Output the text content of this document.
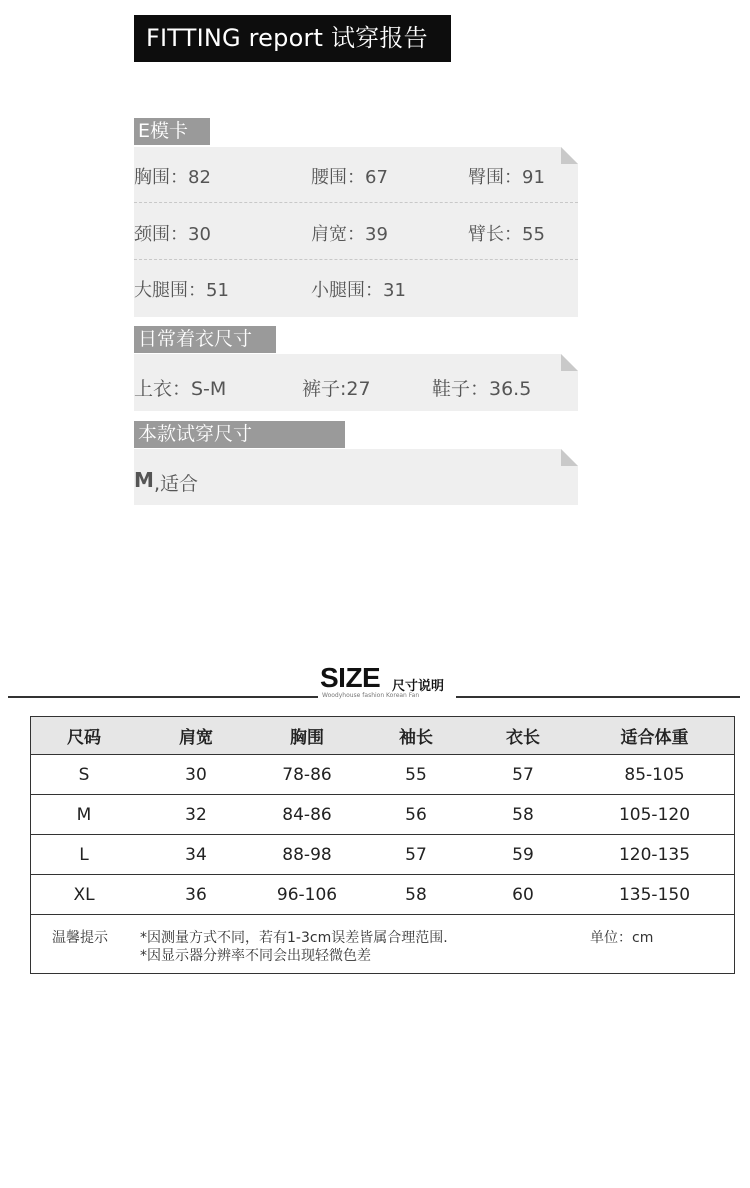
FITTING report 试穿报告
E模卡
胸围：82	腰围：67	臀围：91
颈围：30	肩宽：39	臂长：55
大腿围：51	小腿围：31
日常着衣尺寸
上衣：S-M	裤子:27	鞋子：36.5
本款试穿尺寸
M ,适合
SIZE 尺寸说明
Woodyhouse fashion Korean Fan
尺码	肩宽	胸围	袖长	衣长	适合体重
S	30	78-86	55	57	85-105
M	32	84-86	56	58	105-120
L	34	88-98	57	59	120-135
XL	36	96-106	58	60	135-150
温馨提示 *因测量方式不同，若有1-3cm误差皆属合理范围.
*因显示器分辨率不同会出现轻微色差
单位：cm
